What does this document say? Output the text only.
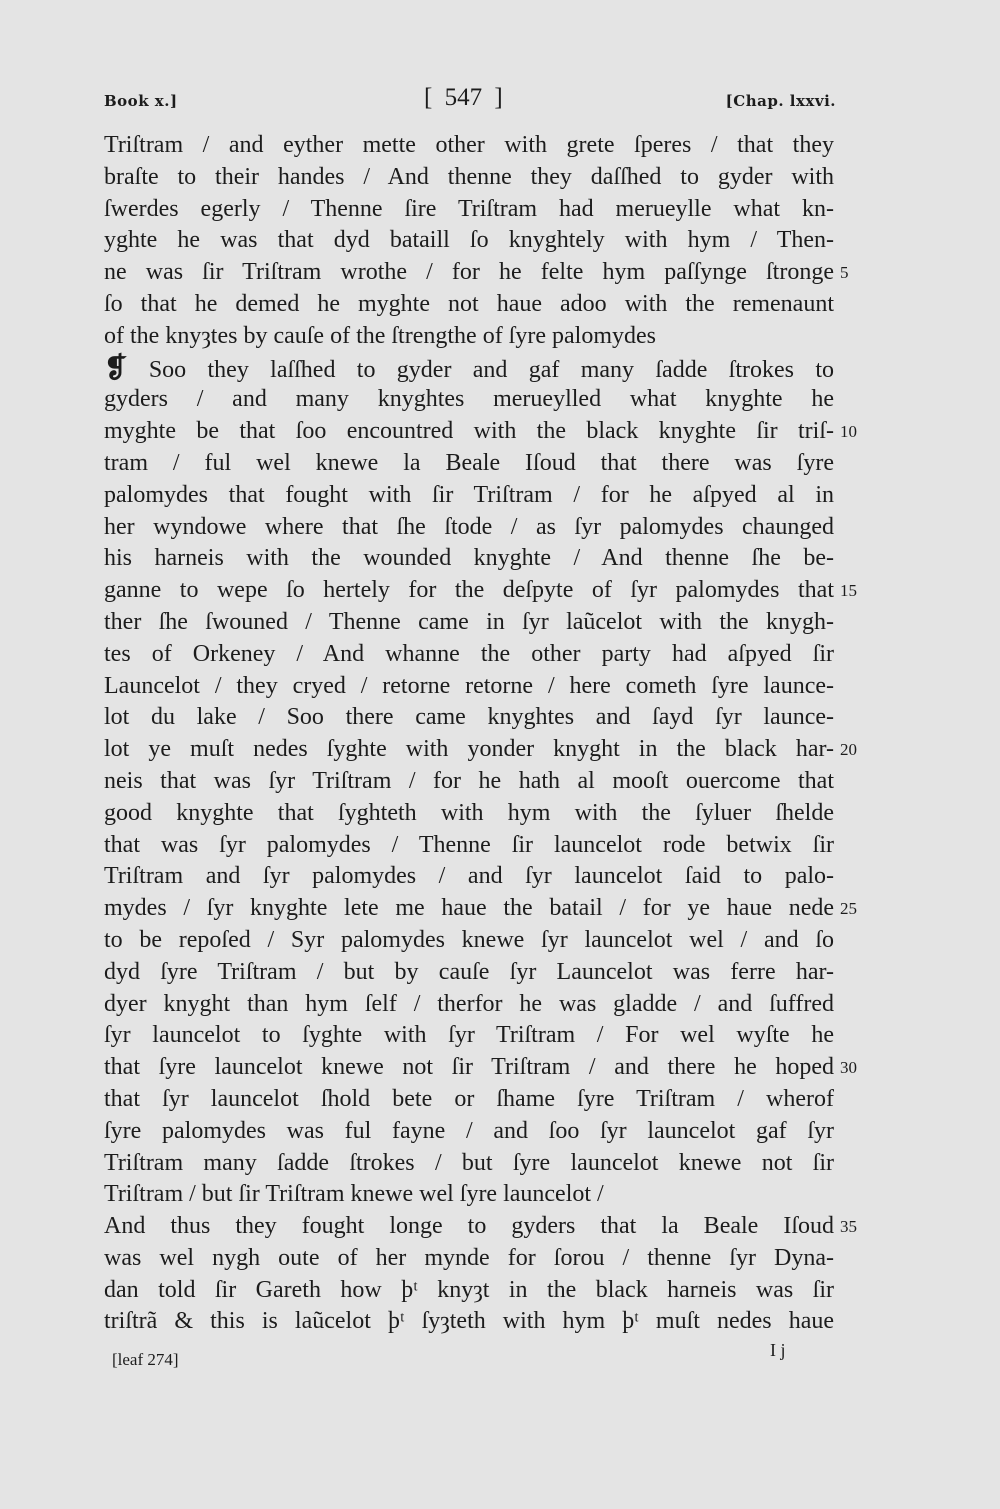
Book x.]	[ 547 ]	[Chap. lxxvi.
Triſtram / and eyther mette other with grete ſperes / that they
braſte to their handes / And thenne they daſſhed to gyder with
ſwerdes egerly / Thenne ſire Triſtram had merueylle what kn-
yghte he was that dyd bataill ſo knyghtely with hym / Then-
ne was ſir Triſtram wrothe / for he felte hym paſſynge ſtronge 5
ſo that he demed he myghte not haue adoo with the remenaunt
of the knyȝtes by cauſe of the ſtrengthe of ſyre palomydes
❡ Soo they laſſhed to gyder and gaf many ſadde ſtrokes to
gyders / and many knyghtes merueylled what knyghte he
myghte be that ſoo encountred with the black knyghte ſir triſ- 10
tram / ful wel knewe la Beale Iſoud that there was ſyre
palomydes that fought with ſir Triſtram / for he aſpyed al in
her wyndowe where that ſhe ſtode / as ſyr palomydes chaunged
his harneis with the wounded knyghte / And thenne ſhe be-
ganne to wepe ſo hertely for the deſpyte of ſyr palomydes that 15
ther ſhe ſwouned / Thenne came in ſyr laũcelot with the knygh-
tes of Orkeney / And whanne the other party had aſpyed ſir
Launcelot / they cryed / retorne retorne / here cometh ſyre launce-
lot du lake / Soo there came knyghtes and ſayd ſyr launce-
lot ye muſt nedes ſyghte with yonder knyght in the black har- 20
neis that was ſyr Triſtram / for he hath al mooſt ouercome that
good knyghte that ſyghteth with hym with the ſyluer ſhelde
that was ſyr palomydes / Thenne ſir launcelot rode betwix ſir
Triſtram and ſyr palomydes / and ſyr launcelot ſaid to palo-
mydes / ſyr knyghte lete me haue the batail / for ye haue nede 25
to be repoſed / Syr palomydes knewe ſyr launcelot wel / and ſo
dyd ſyre Triſtram / but by cauſe ſyr Launcelot was ferre har-
dyer knyght than hym ſelf / therfor he was gladde / and ſuffred
ſyr launcelot to ſyghte with ſyr Triſtram / For wel wyſte he
that ſyre launcelot knewe not ſir Triſtram / and there he hoped 30
that ſyr launcelot ſhold bete or ſhame ſyre Triſtram / wherof
ſyre palomydes was ful fayne / and ſoo ſyr launcelot gaf ſyr
Triſtram many ſadde ſtrokes / but ſyre launcelot knewe not ſir
Triſtram / but ſir Triſtram knewe wel ſyre launcelot /
And thus they fought longe to gyders that la Beale Iſoud 35
was wel nygh oute of her mynde for ſorou / thenne ſyr Dyna-
dan told ſir Gareth how þᵗ knyȝt in the black harneis was ſir
triſtrã & this is laũcelot þᵗ ſyȝteth with hym þᵗ muſt nedes haue
[leaf 274]	I j
